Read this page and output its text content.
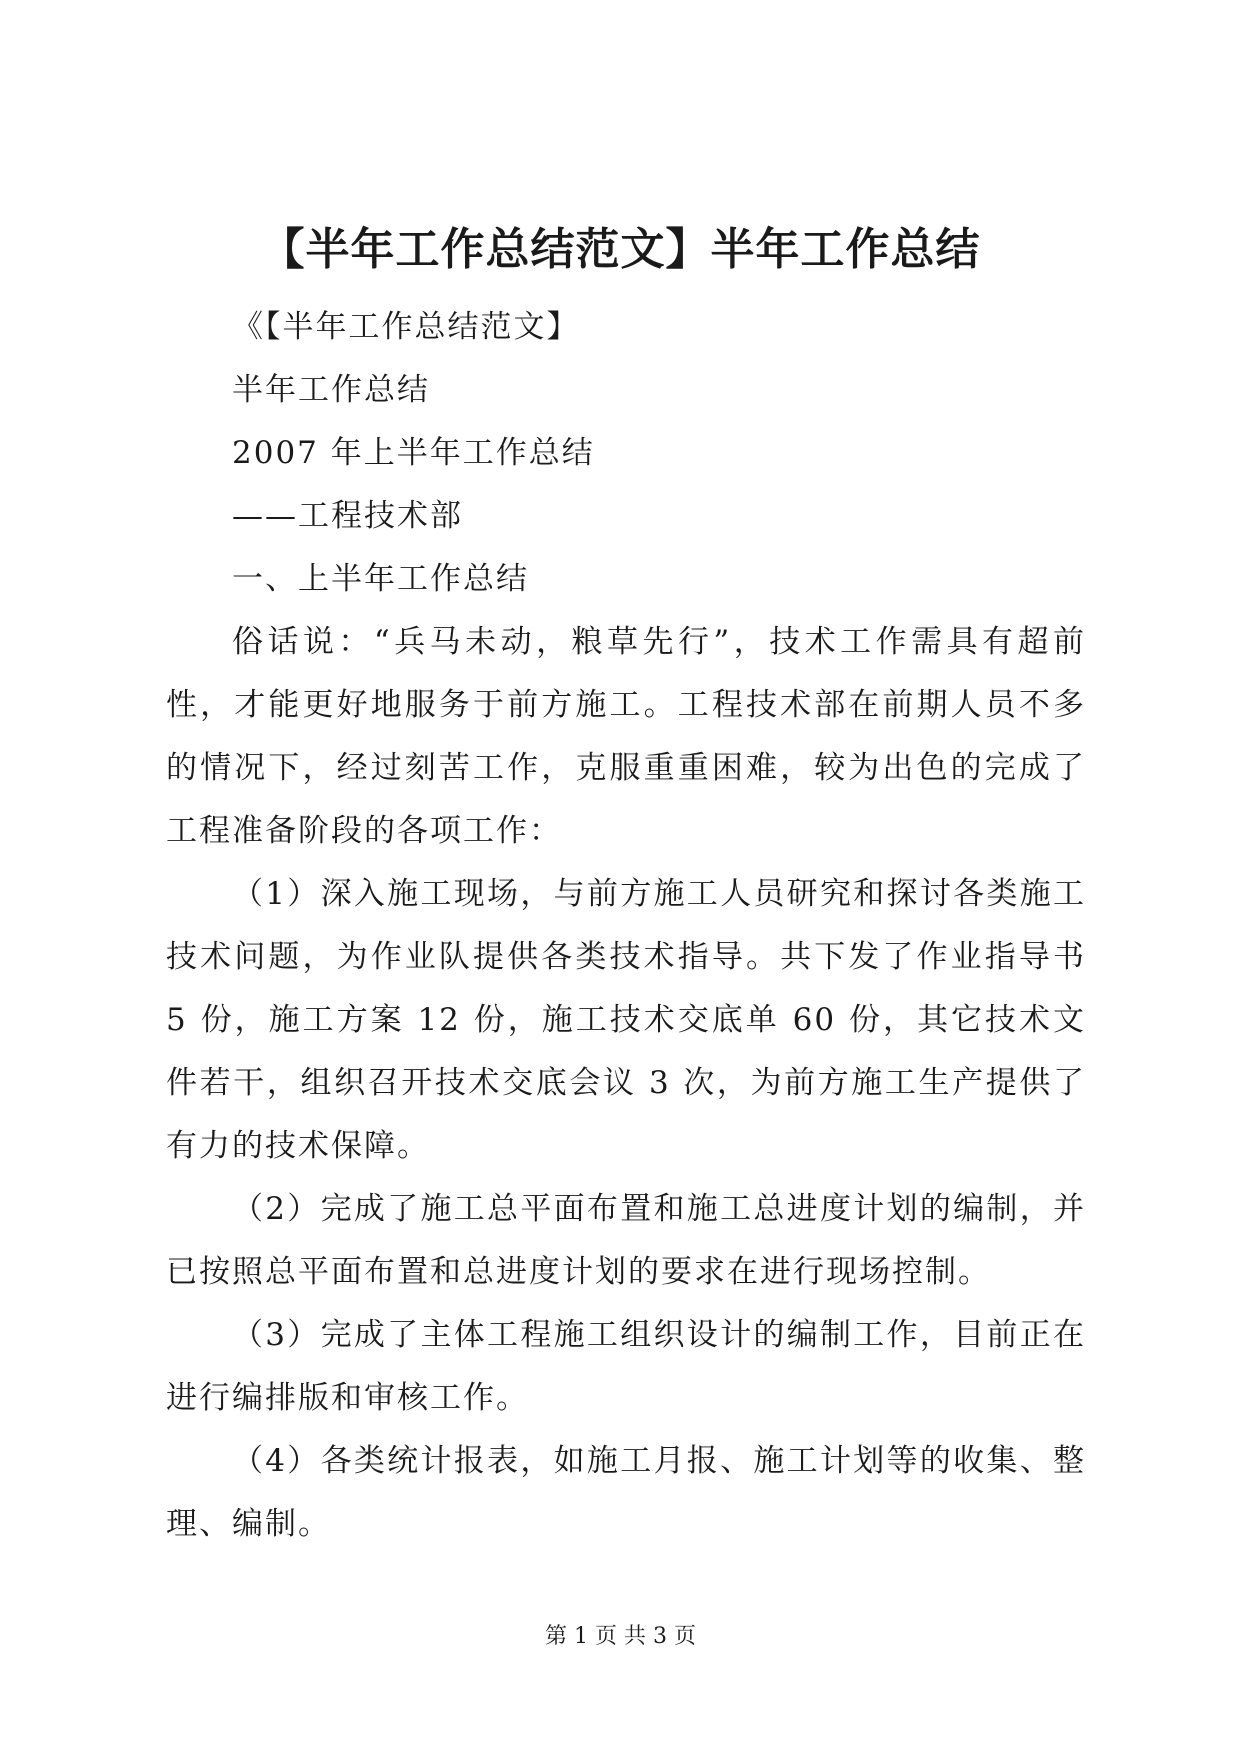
【半年工作总结范文】半年工作总结

《【半年工作总结范文】

半年工作总结

2007 年上半年工作总结

——工程技术部

一、上半年工作总结

俗话说：“兵马未动，粮草先行”，技术工作需具有超前性，才能更好地服务于前方施工。工程技术部在前期人员不多的情况下，经过刻苦工作，克服重重困难，较为出色的完成了工程准备阶段的各项工作：

（1）深入施工现场，与前方施工人员研究和探讨各类施工技术问题，为作业队提供各类技术指导。共下发了作业指导书 5 份，施工方案 12 份，施工技术交底单 60 份，其它技术文件若干，组织召开技术交底会议 3 次，为前方施工生产提供了有力的技术保障。

（2）完成了施工总平面布置和施工总进度计划的编制，并已按照总平面布置和总进度计划的要求在进行现场控制。

（3）完成了主体工程施工组织设计的编制工作，目前正在进行编排版和审核工作。

（4）各类统计报表，如施工月报、施工计划等的收集、整理、编制。

第 1 页 共 3 页
